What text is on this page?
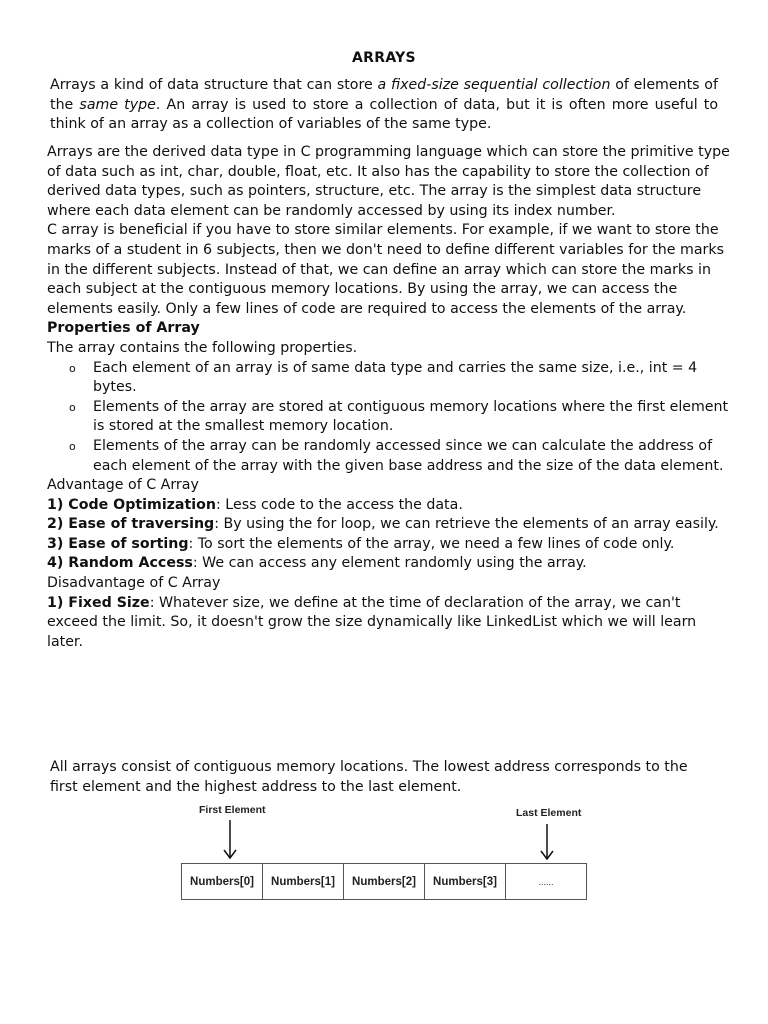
ARRAYS
Arrays a kind of data structure that can store a fixed-size sequential collection of elements of the same type. An array is used to store a collection of data, but it is often more useful to think of an array as a collection of variables of the same type.

Arrays are the derived data type in C programming language which can store the primitive type of data such as int, char, double, float, etc. It also has the capability to store the collection of derived data types, such as pointers, structure, etc. The array is the simplest data structure where each data element can be randomly accessed by using its index number.

C array is beneficial if you have to store similar elements. For example, if we want to store the marks of a student in 6 subjects, then we don't need to define different variables for the marks in the different subjects. Instead of that, we can define an array which can store the marks in each subject at the contiguous memory locations. By using the array, we can access the elements easily. Only a few lines of code are required to access the elements of the array.

Properties of Array

The array contains the following properties.

o Each element of an array is of same data type and carries the same size, i.e., int = 4 bytes.
o Elements of the array are stored at contiguous memory locations where the first element is stored at the smallest memory location.
o Elements of the array can be randomly accessed since we can calculate the address of each element of the array with the given base address and the size of the data element.

Advantage of C Array

1) Code Optimization: Less code to the access the data.

2) Ease of traversing: By using the for loop, we can retrieve the elements of an array easily.

3) Ease of sorting: To sort the elements of the array, we need a few lines of code only.

4) Random Access: We can access any element randomly using the array.

Disadvantage of C Array

1) Fixed Size: Whatever size, we define at the time of declaration of the array, we can't exceed the limit. So, it doesn't grow the size dynamically like LinkedList which we will learn later.

All arrays consist of contiguous memory locations. The lowest address corresponds to the first element and the highest address to the last element.
First Element	Last Element
Numbers[0]	Numbers[1]	Numbers[2]	Numbers[3]	......
